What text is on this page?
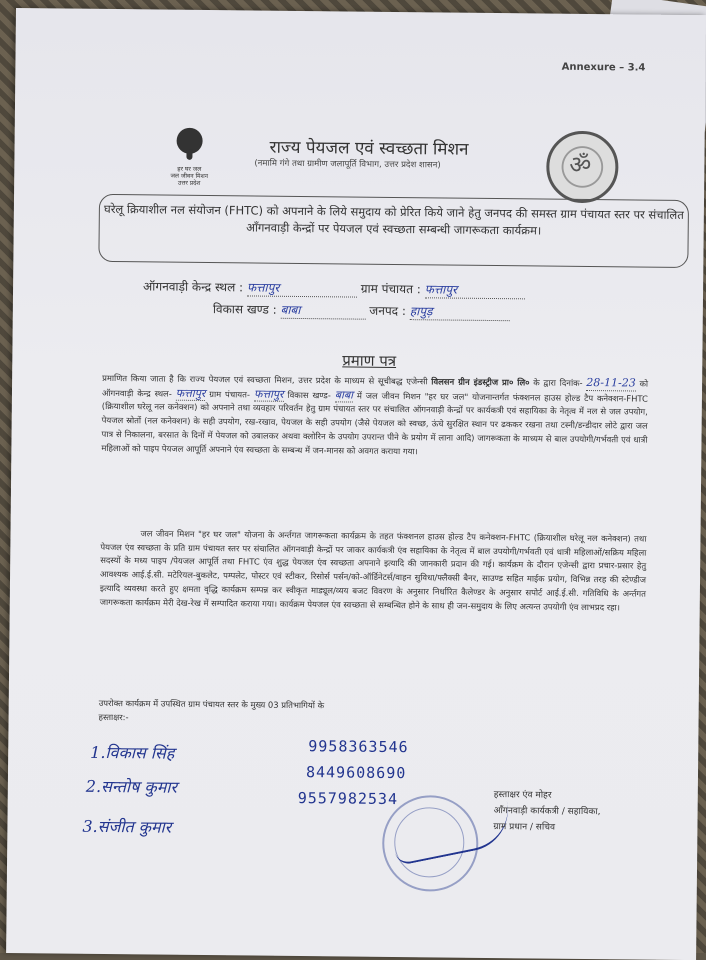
Annexure – 3.4
हर घर जल
जल जीवन मिशन
उत्तर प्रदेश
ॐ
राज्य पेयजल एवं स्वच्छता मिशन
(नमामि गंगे तथा ग्रामीण जलापूर्ति विभाग, उत्तर प्रदेश शासन)
घरेलू क्रियाशील नल संयोजन (FHTC) को अपनाने के लिये समुदाय को प्रेरित किये जाने हेतु जनपद की समस्त ग्राम पंचायत स्तर पर संचालित आँगनवाड़ी केन्द्रों पर पेयजल एवं स्वच्छता सम्बन्धी जागरूकता कार्यक्रम।
ऑगनवाड़ी केन्द्र स्थल : फत्तापुर	ग्राम पंचायत : फत्तापुर
विकास खण्ड : बाबा	जनपद : हापुड़
प्रमाण पत्र
प्रमाणित किया जाता है कि राज्य पेयजल एवं स्वच्छता मिशन, उत्तर प्रदेश के माध्यम से सूचीबद्ध एजेन्सी विलसन ग्रीन इंडस्ट्रीज प्रा० लि० के द्वारा दिनांक- 28-11-23 को ऑगनवाड़ी केन्द्र स्थल- फत्तापुर ग्राम पंचायत- फत्तापुर विकास खण्ड- बाबा में जल जीवन मिशन "हर घर जल" योजनान्तर्गत फंक्शनल हाउस होल्ड टैप कनेक्शन-FHTC (क्रियाशील घरेलू नल कनेक्शन) को अपनाने तथा व्यवहार परिवर्तन हेतु ग्राम पंचायत स्तर पर संचालित ऑगनवाड़ी केन्द्रों पर कार्यकत्री एवं सहायिका के नेतृत्व में नल से जल उपयोग, पेयजल स्रोतों (नल कनेक्शन) के सही उपयोग, रख-रखाव, पेयजल के सही उपयोग (जैसे पेयजल को स्वच्छ, ऊंचे सुरक्षित स्थान पर ढककर रखना तथा टस्नी/डन्डीदार लोटे द्वारा जल पात्र से निकालना, बरसात के दिनों में पेयजल को उबालकर अथवा क्लोरिन के उपयोग उपरान्त पीने के प्रयोग में लाना आदि) जागरूकता के माध्यम से बाल उपयोगी/गर्भवती एवं धात्री महिलाओं को पाइप पेयजल आपूर्ति अपनाने एंव स्वच्छता के सम्बन्ध में जन-मानस को अवगत कराया गया।
जल जीवन मिशन "हर घर जल" योजना के अर्न्तगत जागरूकता कार्यक्रम के तहत फंक्शनल हाउस होल्ड टैप कनेक्शन-FHTC (क्रियाशील घरेलू नल कनेक्शन) तथा पेयजल एंव स्वच्छता के प्रति ग्राम पंचायत स्तर पर संचालित ऑगनवाड़ी केन्द्रों पर जाकर कार्यकत्री एंव सहायिका के नेतृत्व में बाल उपयोगी/गर्भवती एवं धात्री महिलाओं/सक्रिय महिला सदस्यों के मध्य पाइप /पेयजल आपूर्ति तथा FHTC एंव शुद्ध पेयजल एंव स्वच्छता अपनाने इत्यादि की जानकारी प्रदान की गई। कार्यक्रम के दौरान एजेन्सी द्वारा प्रचार-प्रसार हेतु आवश्यक आई.ई.सी. मटेरियल-बुकलेट, पम्पलेट, पोस्टर एवं स्टीकर, रिसोर्स पर्सन/को-ऑर्डिनेटर्स/वाहन सुविधा/फ्लैक्सी बैनर, साउण्ड सहित माईक प्रयोग, विभिन्न तरह की स्टेण्डीज इत्यादि व्यवस्था करते हुए क्षमता वृद्धि कार्यक्रम सम्पन्न कर स्वीकृत माड्यूल/व्यय बजट विवरण के अनुसार निर्धारित कैलेण्डर के अनुसार सपोर्ट आई.ई.सी. गतिविधि के अर्न्तगत जागरूकता कार्यक्रम मेरी देख-रेख में सम्पादित कराया गया। कार्यक्रम पेयजल एंव स्वच्छता से सम्बन्धित होने के साथ ही जन-समुदाय के लिए अत्यन्त उपयोगी एंव लाभप्रद रहा।
उपरोक्त कार्यक्रम में उपस्थित ग्राम पंचायत स्तर के मुख्य 03 प्रतिभागियों के
हस्ताक्षर:-
1.विकास सिंह
2.सन्तोष कुमार
3.संजीत कुमार
9958363546
8449608690
9557982534	हस्ताक्षर एंव मोहर
आँगनवाड़ी कार्यकत्री / सहायिका,
ग्राम प्रधान / सचिव
